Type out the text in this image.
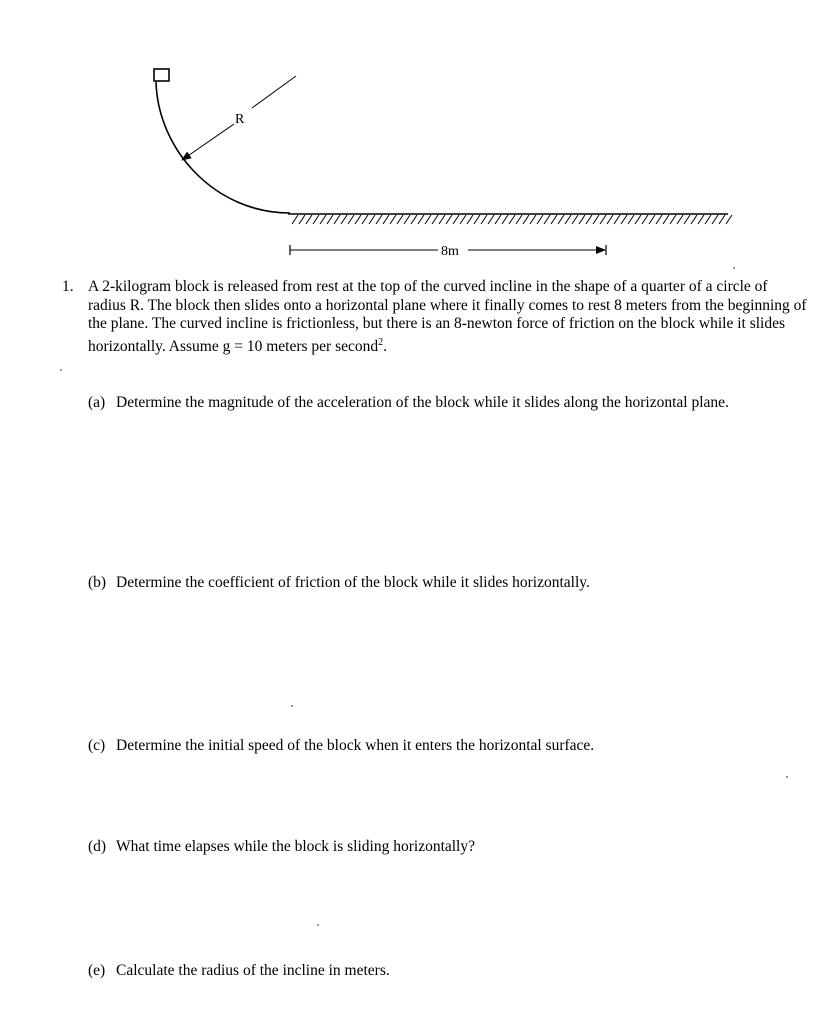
R
8m
1. A 2-kilogram block is released from rest at the top of the curved incline in the shape of a quarter of a circle of radius R. The block then slides onto a horizontal plane where it finally comes to rest 8 meters from the beginning of the plane. The curved incline is frictionless, but there is an 8-newton force of friction on the block while it slides horizontally. Assume g = 10 meters per second$^2$.
(a) Determine the magnitude of the acceleration of the block while it slides along the horizontal plane.
(b) Determine the coefficient of friction of the block while it slides horizontally.
(c) Determine the initial speed of the block when it enters the horizontal surface.
(d) What time elapses while the block is sliding horizontally?
(e) Calculate the radius of the incline in meters.
